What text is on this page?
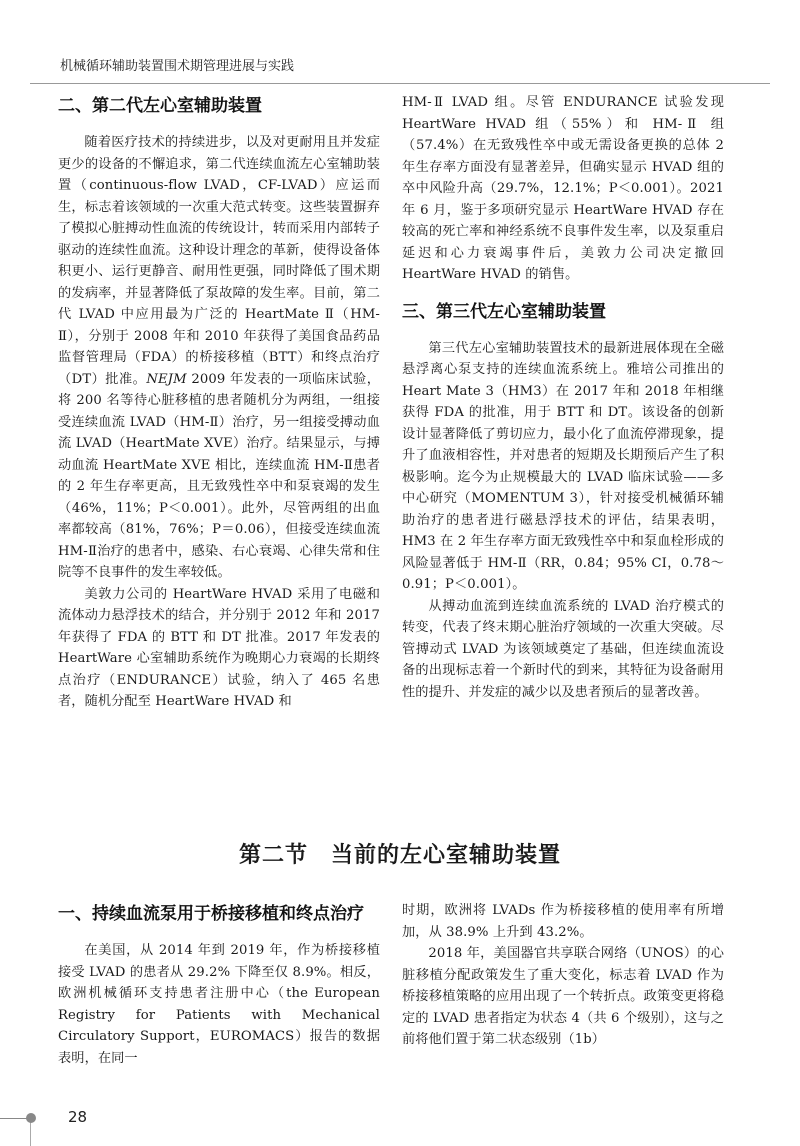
机械循环辅助装置围术期管理进展与实践
二、第二代左心室辅助装置

随着医疗技术的持续进步，以及对更耐用且并发症更少的设备的不懈追求，第二代连续血流左心室辅助装置（continuous-flow LVAD，CF-LVAD）应运而生，标志着该领域的一次重大范式转变。这些装置摒弃了模拟心脏搏动性血流的传统设计，转而采用内部转子驱动的连续性血流。这种设计理念的革新，使得设备体积更小、运行更静音、耐用性更强，同时降低了围术期的发病率，并显著降低了泵故障的发生率。目前，第二代 LVAD 中应用最为广泛的 HeartMate Ⅱ（HM-Ⅱ），分别于 2008 年和 2010 年获得了美国食品药品监督管理局（FDA）的桥接移植（BTT）和终点治疗（DT）批准。NEJM 2009 年发表的一项临床试验，将 200 名等待心脏移植的患者随机分为两组，一组接受连续血流 LVAD（HM-Ⅱ）治疗，另一组接受搏动血流 LVAD（HeartMate XVE）治疗。结果显示，与搏动血流 HeartMate XVE 相比，连续血流 HM-Ⅱ患者的 2 年生存率更高，且无致残性卒中和泵衰竭的发生（46%，11%；P＜0.001）。此外，尽管两组的出血率都较高（81%，76%；P＝0.06），但接受连续血流 HM-Ⅱ治疗的患者中，感染、右心衰竭、心律失常和住院等不良事件的发生率较低。

美敦力公司的 HeartWare HVAD 采用了电磁和流体动力悬浮技术的结合，并分别于 2012 年和 2017 年获得了 FDA 的 BTT 和 DT 批准。2017 年发表的 HeartWare 心室辅助系统作为晚期心力衰竭的长期终点治疗（ENDURANCE）试验，纳入了 465 名患者，随机分配至 HeartWare HVAD 和

HM-Ⅱ LVAD 组。尽管 ENDURANCE 试验发现 HeartWare HVAD 组（55%）和 HM-Ⅱ 组（57.4%）在无致残性卒中或无需设备更换的总体 2 年生存率方面没有显著差异，但确实显示 HVAD 组的卒中风险升高（29.7%，12.1%；P＜0.001）。2021 年 6 月，鉴于多项研究显示 HeartWare HVAD 存在较高的死亡率和神经系统不良事件发生率，以及泵重启延迟和心力衰竭事件后，美敦力公司决定撤回 HeartWare HVAD 的销售。

三、第三代左心室辅助装置

第三代左心室辅助装置技术的最新进展体现在全磁悬浮离心泵支持的连续血流系统上。雅培公司推出的 Heart Mate 3（HM3）在 2017 年和 2018 年相继获得 FDA 的批准，用于 BTT 和 DT。该设备的创新设计显著降低了剪切应力，最小化了血流停滞现象，提升了血液相容性，并对患者的短期及长期预后产生了积极影响。迄今为止规模最大的 LVAD 临床试验——多中心研究（MOMENTUM 3），针对接受机械循环辅助治疗的患者进行磁悬浮技术的评估，结果表明，HM3 在 2 年生存率方面无致残性卒中和泵血栓形成的风险显著低于 HM-Ⅱ（RR，0.84；95% CI，0.78～0.91；P＜0.001）。

从搏动血流到连续血流系统的 LVAD 治疗模式的转变，代表了终末期心脏治疗领域的一次重大突破。尽管搏动式 LVAD 为该领域奠定了基础，但连续血流设备的出现标志着一个新时代的到来，其特征为设备耐用性的提升、并发症的减少以及患者预后的显著改善。

第二节　当前的左心室辅助装置
一、持续血流泵用于桥接移植和终点治疗

在美国，从 2014 年到 2019 年，作为桥接移植接受 LVAD 的患者从 29.2% 下降至仅 8.9%。相反，欧洲机械循环支持患者注册中心（the European Registry for Patients with Mechanical Circulatory Support，EUROMACS）报告的数据表明，在同一

时期，欧洲将 LVADs 作为桥接移植的使用率有所增加，从 38.9% 上升到 43.2%。

2018 年，美国器官共享联合网络（UNOS）的心脏移植分配政策发生了重大变化，标志着 LVAD 作为桥接移植策略的应用出现了一个转折点。政策变更将稳定的 LVAD 患者指定为状态 4（共 6 个级别），这与之前将他们置于第二状态级别（1b）

28
